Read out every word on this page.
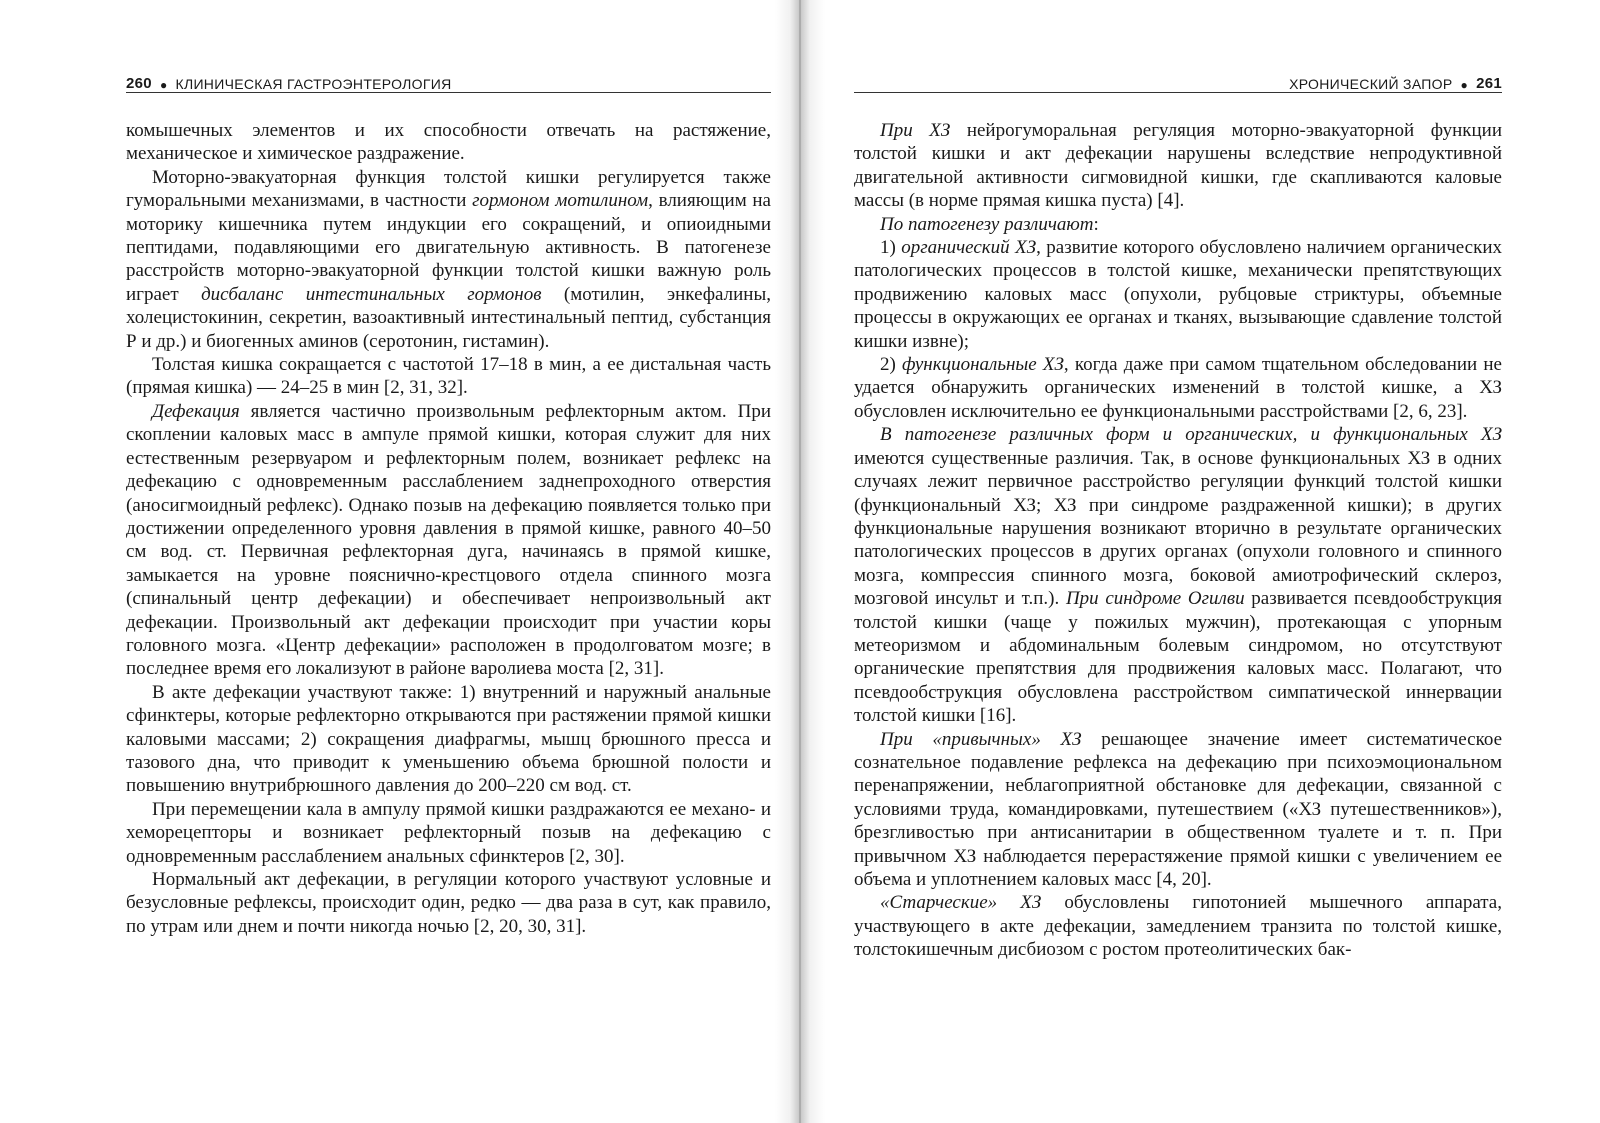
260 ● КЛИНИЧЕСКАЯ ГАСТРОЭНТЕРОЛОГИЯ

комышечных элементов и их способности отвечать на растяжение, механическое и химическое раздражение.

Моторно-эвакуаторная функция толстой кишки регулируется также гуморальными механизмами, в частности гормоном мотилином, влияющим на моторику кишечника путем индукции его сокращений, и опиоидными пептидами, подавляющими его двигательную активность. В патогенезе расстройств моторно-эвакуаторной функции толстой кишки важную роль играет дисбаланс интестинальных гормонов (мотилин, энкефалины, холецистокинин, секретин, вазоактивный интестинальный пептид, субстанция Р и др.) и биогенных аминов (серотонин, гистамин).

Толстая кишка сокращается с частотой 17–18 в мин, а ее дистальная часть (прямая кишка) — 24–25 в мин [2, 31, 32].

Дефекация является частично произвольным рефлекторным актом. При скоплении каловых масс в ампуле прямой кишки, которая служит для них естественным резервуаром и рефлекторным полем, возникает рефлекс на дефекацию с одновременным расслаблением заднепроходного отверстия (аносигмоидный рефлекс). Однако позыв на дефекацию появляется только при достижении определенного уровня давления в прямой кишке, равного 40–50 см вод. ст. Первичная рефлекторная дуга, начинаясь в прямой кишке, замыкается на уровне пояснично-крестцового отдела спинного мозга (спинальный центр дефекации) и обеспечивает непроизвольный акт дефекации. Произвольный акт дефекации происходит при участии коры головного мозга. «Центр дефекации» расположен в продолговатом мозге; в последнее время его локализуют в районе варолиева моста [2, 31].

В акте дефекации участвуют также: 1) внутренний и наружный анальные сфинктеры, которые рефлекторно открываются при растяжении прямой кишки каловыми массами; 2) сокращения диафрагмы, мышц брюшного пресса и тазового дна, что приводит к уменьшению объема брюшной полости и повышению внутрибрюшного давления до 200–220 см вод. ст.

При перемещении кала в ампулу прямой кишки раздражаются ее механо- и хеморецепторы и возникает рефлекторный позыв на дефекацию с одновременным расслаблением анальных сфинктеров [2, 30].

Нормальный акт дефекации, в регуляции которого участвуют условные и безусловные рефлексы, происходит один, редко — два раза в сут, как правило, по утрам или днем и почти никогда ночью [2, 20, 30, 31].

ХРОНИЧЕСКИЙ ЗАПОР ● 261

При ХЗ нейрогуморальная регуляция моторно-эвакуаторной функции толстой кишки и акт дефекации нарушены вследствие непродуктивной двигательной активности сигмовидной кишки, где скапливаются каловые массы (в норме прямая кишка пуста) [4].

По патогенезу различают:

1) органический ХЗ, развитие которого обусловлено наличием органических патологических процессов в толстой кишке, механически препятствующих продвижению каловых масс (опухоли, рубцовые стриктуры, объемные процессы в окружающих ее органах и тканях, вызывающие сдавление толстой кишки извне);

2) функциональные ХЗ, когда даже при самом тщательном обследовании не удается обнаружить органических изменений в толстой кишке, а ХЗ обусловлен исключительно ее функциональными расстройствами [2, 6, 23].

В патогенезе различных форм и органических, и функциональных ХЗ имеются существенные различия. Так, в основе функциональных ХЗ в одних случаях лежит первичное расстройство регуляции функций толстой кишки (функциональный ХЗ; ХЗ при синдроме раздраженной кишки); в других функциональные нарушения возникают вторично в результате органических патологических процессов в других органах (опухоли головного и спинного мозга, компрессия спинного мозга, боковой амиотрофический склероз, мозговой инсульт и т.п.). При синдроме Огилви развивается псевдообструкция толстой кишки (чаще у пожилых мужчин), протекающая с упорным метеоризмом и абдоминальным болевым синдромом, но отсутствуют органические препятствия для продвижения каловых масс. Полагают, что псевдообструкция обусловлена расстройством симпатической иннервации толстой кишки [16].

При «привычных» ХЗ решающее значение имеет систематическое сознательное подавление рефлекса на дефекацию при психоэмоциональном перенапряжении, неблагоприятной обстановке для дефекации, связанной с условиями труда, командировками, путешествием («ХЗ путешественников»), брезгливостью при антисанитарии в общественном туалете и т. п. При привычном ХЗ наблюдается перерастяжение прямой кишки с увеличением ее объема и уплотнением каловых масс [4, 20].

«Старческие» ХЗ обусловлены гипотонией мышечного аппарата, участвующего в акте дефекации, замедлением транзита по толстой кишке, толстокишечным дисбиозом с ростом протеолитических бак-
